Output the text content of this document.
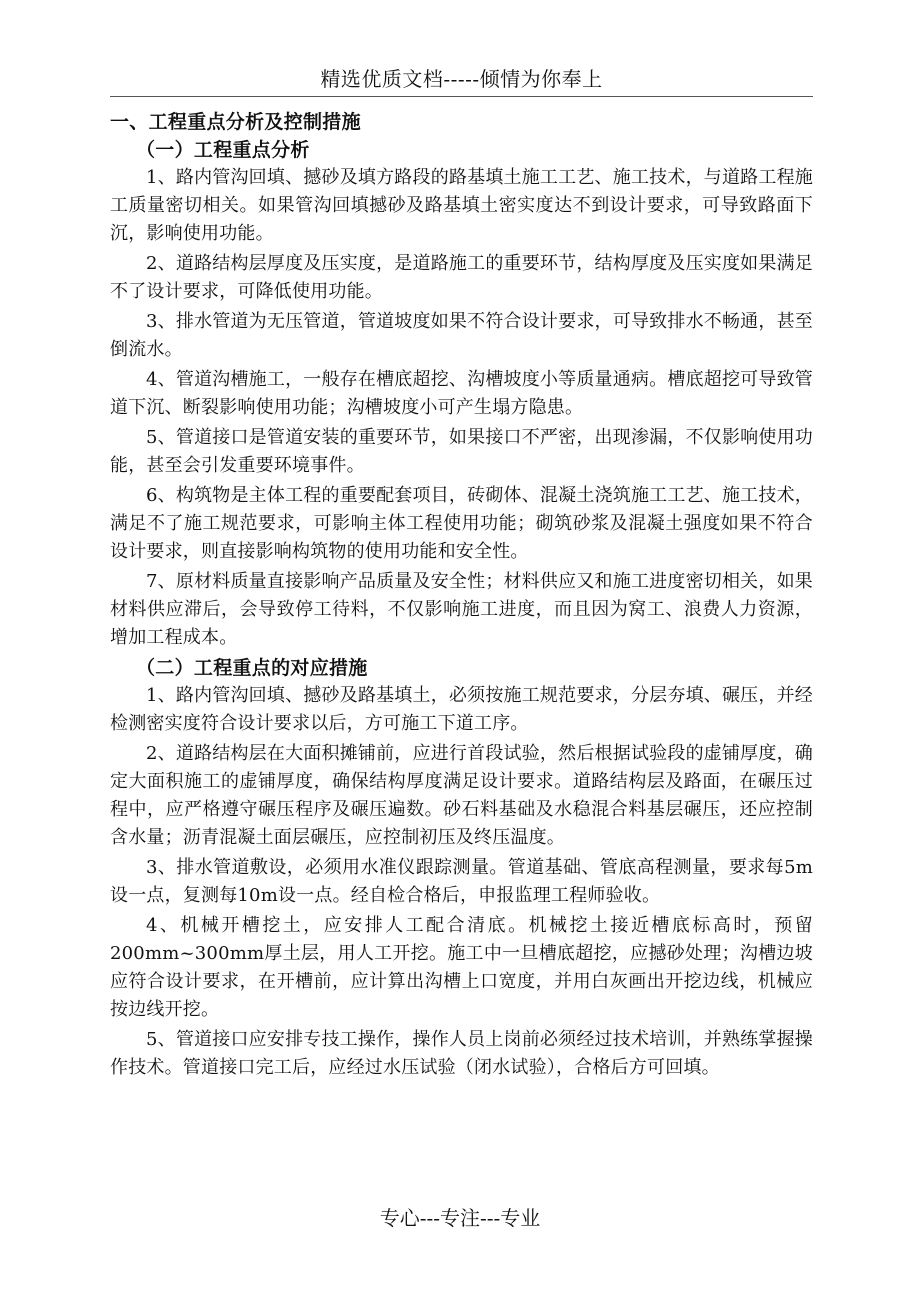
精选优质文档-----倾情为你奉上

一、工程重点分析及控制措施

（一）工程重点分析

1、路内管沟回填、撼砂及填方路段的路基填土施工工艺、施工技术，与道路工程施工质量密切相关。如果管沟回填撼砂及路基填土密实度达不到设计要求，可导致路面下沉，影响使用功能。

2、道路结构层厚度及压实度，是道路施工的重要环节，结构厚度及压实度如果满足不了设计要求，可降低使用功能。

3、排水管道为无压管道，管道坡度如果不符合设计要求，可导致排水不畅通，甚至倒流水。

4、管道沟槽施工，一般存在槽底超挖、沟槽坡度小等质量通病。槽底超挖可导致管道下沉、断裂影响使用功能；沟槽坡度小可产生塌方隐患。

5、管道接口是管道安装的重要环节，如果接口不严密，出现渗漏，不仅影响使用功能，甚至会引发重要环境事件。

6、构筑物是主体工程的重要配套项目，砖砌体、混凝土浇筑施工工艺、施工技术，满足不了施工规范要求，可影响主体工程使用功能；砌筑砂浆及混凝土强度如果不符合设计要求，则直接影响构筑物的使用功能和安全性。

7、原材料质量直接影响产品质量及安全性；材料供应又和施工进度密切相关，如果材料供应滞后，会导致停工待料，不仅影响施工进度，而且因为窝工、浪费人力资源，增加工程成本。

（二）工程重点的对应措施

1、路内管沟回填、撼砂及路基填土，必须按施工规范要求，分层夯填、碾压，并经检测密实度符合设计要求以后，方可施工下道工序。

2、道路结构层在大面积摊铺前，应进行首段试验，然后根据试验段的虚铺厚度，确定大面积施工的虚铺厚度，确保结构厚度满足设计要求。道路结构层及路面，在碾压过程中，应严格遵守碾压程序及碾压遍数。砂石料基础及水稳混合料基层碾压，还应控制含水量；沥青混凝土面层碾压，应控制初压及终压温度。

3、排水管道敷设，必须用水准仪跟踪测量。管道基础、管底高程测量，要求每5m设一点，复测每10m设一点。经自检合格后，申报监理工程师验收。

4、机械开槽挖土，应安排人工配合清底。机械挖土接近槽底标高时，预留200mm~300mm厚土层，用人工开挖。施工中一旦槽底超挖，应撼砂处理；沟槽边坡应符合设计要求，在开槽前，应计算出沟槽上口宽度，并用白灰画出开挖边线，机械应按边线开挖。

5、管道接口应安排专技工操作，操作人员上岗前必须经过技术培训，并熟练掌握操作技术。管道接口完工后，应经过水压试验（闭水试验），合格后方可回填。

专心---专注---专业
